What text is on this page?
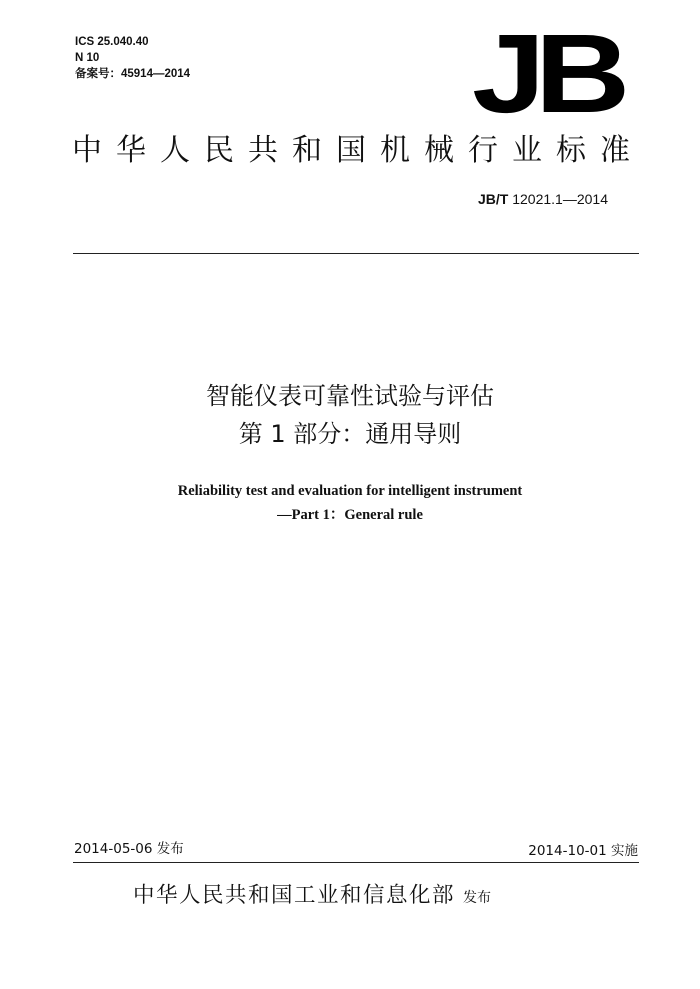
ICS 25.040.40
N 10
备案号：45914—2014	JB
中华人民共和国机械行业标准
JB/T 12021.1—2014
智能仪表可靠性试验与评估
第 1 部分：通用导则
Reliability test and evaluation for intelligent instrument
—Part 1：General rule
2014-05-06 发布	2014-10-01 实施
中华人民共和国工业和信息化部 发布
